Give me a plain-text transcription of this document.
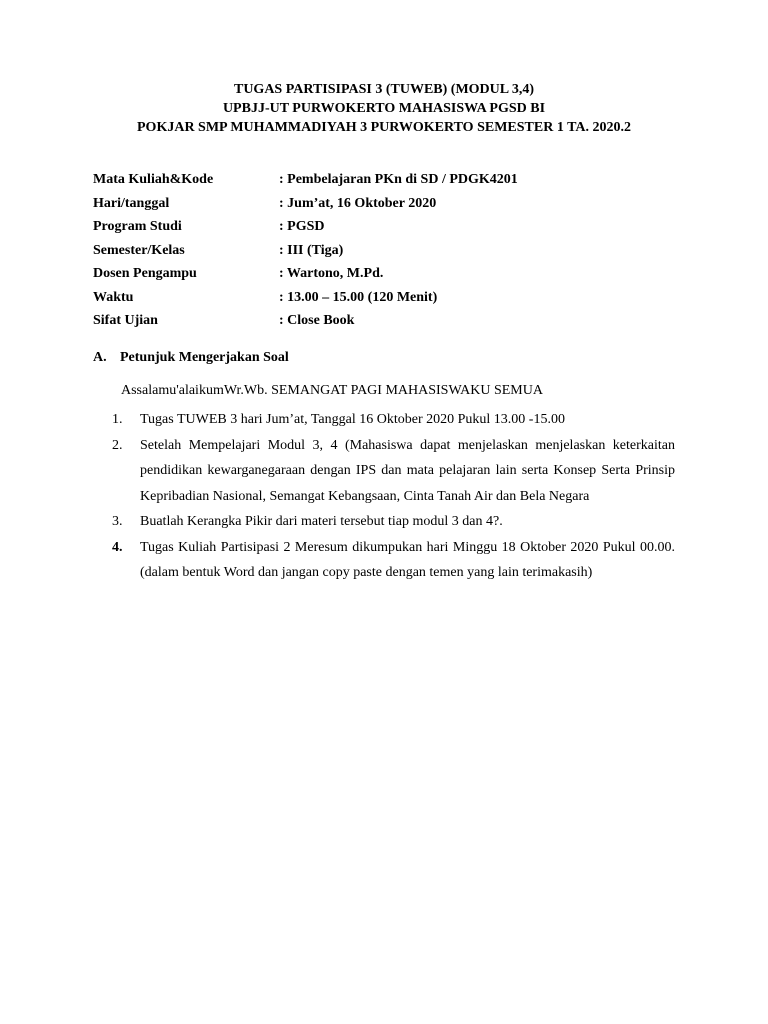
TUGAS PARTISIPASI 3 (TUWEB) (MODUL 3,4)
UPBJJ-UT PURWOKERTO MAHASISWA PGSD BI
POKJAR SMP MUHAMMADIYAH 3 PURWOKERTO SEMESTER 1 TA. 2020.2
Mata Kuliah&Kode	: Pembelajaran PKn di SD / PDGK4201
Hari/tanggal	: Jum’at, 16 Oktober 2020
Program Studi	: PGSD
Semester/Kelas	: III (Tiga)
Dosen Pengampu	: Wartono, M.Pd.
Waktu	: 13.00 – 15.00 (120 Menit)
Sifat Ujian	: Close Book
A. Petunjuk Mengerjakan Soal
Assalamu'alaikumWr.Wb. SEMANGAT PAGI MAHASISWAKU SEMUA
1. Tugas TUWEB 3 hari Jum’at, Tanggal 16 Oktober 2020 Pukul 13.00 -15.00
2. Setelah Mempelajari Modul 3, 4 (Mahasiswa dapat menjelaskan menjelaskan keterkaitan pendidikan kewarganegaraan dengan IPS dan mata pelajaran lain serta Konsep Serta Prinsip Kepribadian Nasional, Semangat Kebangsaan, Cinta Tanah Air dan Bela Negara
3. Buatlah Kerangka Pikir dari materi tersebut tiap modul 3 dan 4?.
4. Tugas Kuliah Partisipasi 2 Meresum dikumpukan hari Minggu 18 Oktober 2020 Pukul 00.00. (dalam bentuk Word dan jangan copy paste dengan temen yang lain terimakasih)
